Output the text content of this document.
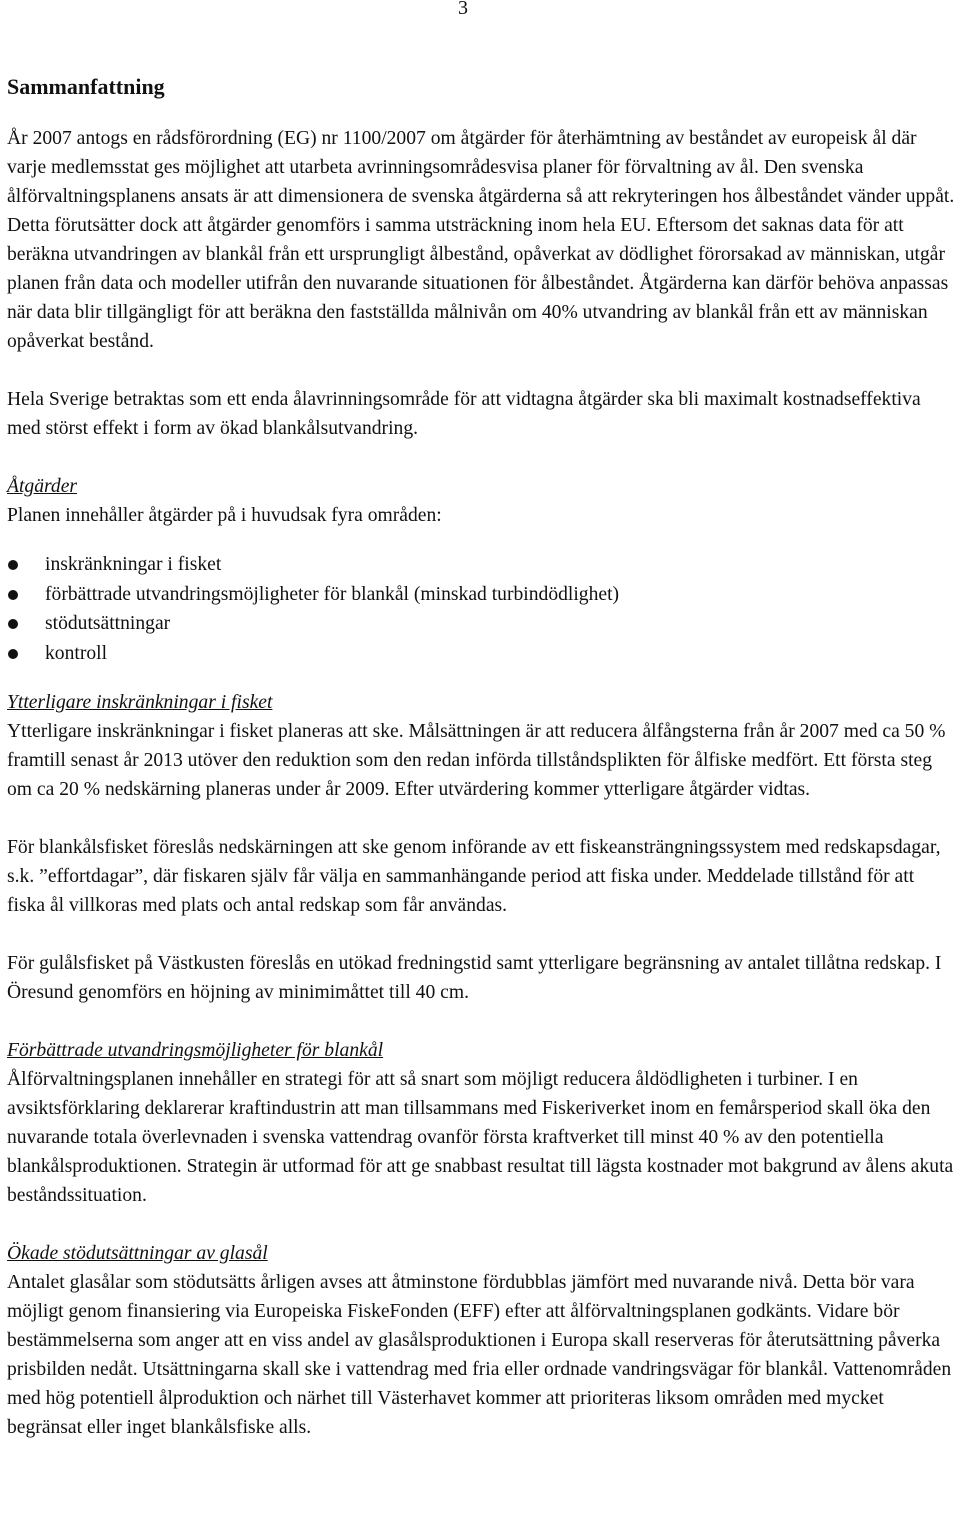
3
Sammanfattning

År 2007 antogs en rådsförordning (EG) nr 1100/2007 om åtgärder för återhämtning av beståndet av europeisk ål där varje medlemsstat ges möjlighet att utarbeta avrinningsområdesvisa planer för förvaltning av ål. Den svenska ålförvaltningsplanens ansats är att dimensionera de svenska åtgärderna så att rekryteringen hos ålbeståndet vänder uppåt. Detta förutsätter dock att åtgärder genomförs i samma utsträckning inom hela EU. Eftersom det saknas data för att beräkna utvandringen av blankål från ett ursprungligt ålbestånd, opåverkat av dödlighet förorsakad av människan, utgår planen från data och modeller utifrån den nuvarande situationen för ålbeståndet. Åtgärderna kan därför behöva anpassas när data blir tillgängligt för att beräkna den fastställda målnivån om 40% utvandring av blankål från ett av människan opåverkat bestånd.

Hela Sverige betraktas som ett enda ålavrinningsområde för att vidtagna åtgärder ska bli maximalt kostnadseffektiva med störst effekt i form av ökad blankålsutvandring.

Åtgärder

Planen innehåller åtgärder på i huvudsak fyra områden:

inskränkningar i fisket
förbättrade utvandringsmöjligheter för blankål (minskad turbindödlighet)
stödutsättningar
kontroll

Ytterligare inskränkningar i fisket

Ytterligare inskränkningar i fisket planeras att ske. Målsättningen är att reducera ålfångsterna från år 2007 med ca 50 % framtill senast år 2013 utöver den reduktion som den redan införda tillståndsplikten för ålfiske medfört. Ett första steg om ca 20 % nedskärning planeras under år 2009. Efter utvärdering kommer ytterligare åtgärder vidtas.

För blankålsfisket föreslås nedskärningen att ske genom införande av ett fiskeansträngningssystem med redskapsdagar, s.k. ”effortdagar”, där fiskaren själv får välja en sammanhängande period att fiska under. Meddelade tillstånd för att fiska ål villkoras med plats och antal redskap som får användas.

För gulålsfisket på Västkusten föreslås en utökad fredningstid samt ytterligare begränsning av antalet tillåtna redskap. I Öresund genomförs en höjning av minimimåttet till 40 cm.

Förbättrade utvandringsmöjligheter för blankål

Ålförvaltningsplanen innehåller en strategi för att så snart som möjligt reducera åldödligheten i turbiner. I en avsiktsförklaring deklarerar kraftindustrin att man tillsammans med Fiskeriverket inom en femårsperiod skall öka den nuvarande totala överlevnaden i svenska vattendrag ovanför första kraftverket till minst 40 % av den potentiella blankålsproduktionen. Strategin är utformad för att ge snabbast resultat till lägsta kostnader mot bakgrund av ålens akuta beståndssituation.

Ökade stödutsättningar av glasål

Antalet glasålar som stödutsätts årligen avses att åtminstone fördubblas jämfört med nuvarande nivå. Detta bör vara möjligt genom finansiering via Europeiska FiskeFonden (EFF) efter att ålförvaltningsplanen godkänts. Vidare bör bestämmelserna som anger att en viss andel av glasålsproduktionen i Europa skall reserveras för återutsättning påverka prisbilden nedåt. Utsättningarna skall ske i vattendrag med fria eller ordnade vandringsvägar för blankål. Vattenområden med hög potentiell ålproduktion och närhet till Västerhavet kommer att prioriteras liksom områden med mycket begränsat eller inget blankålsfiske alls.
